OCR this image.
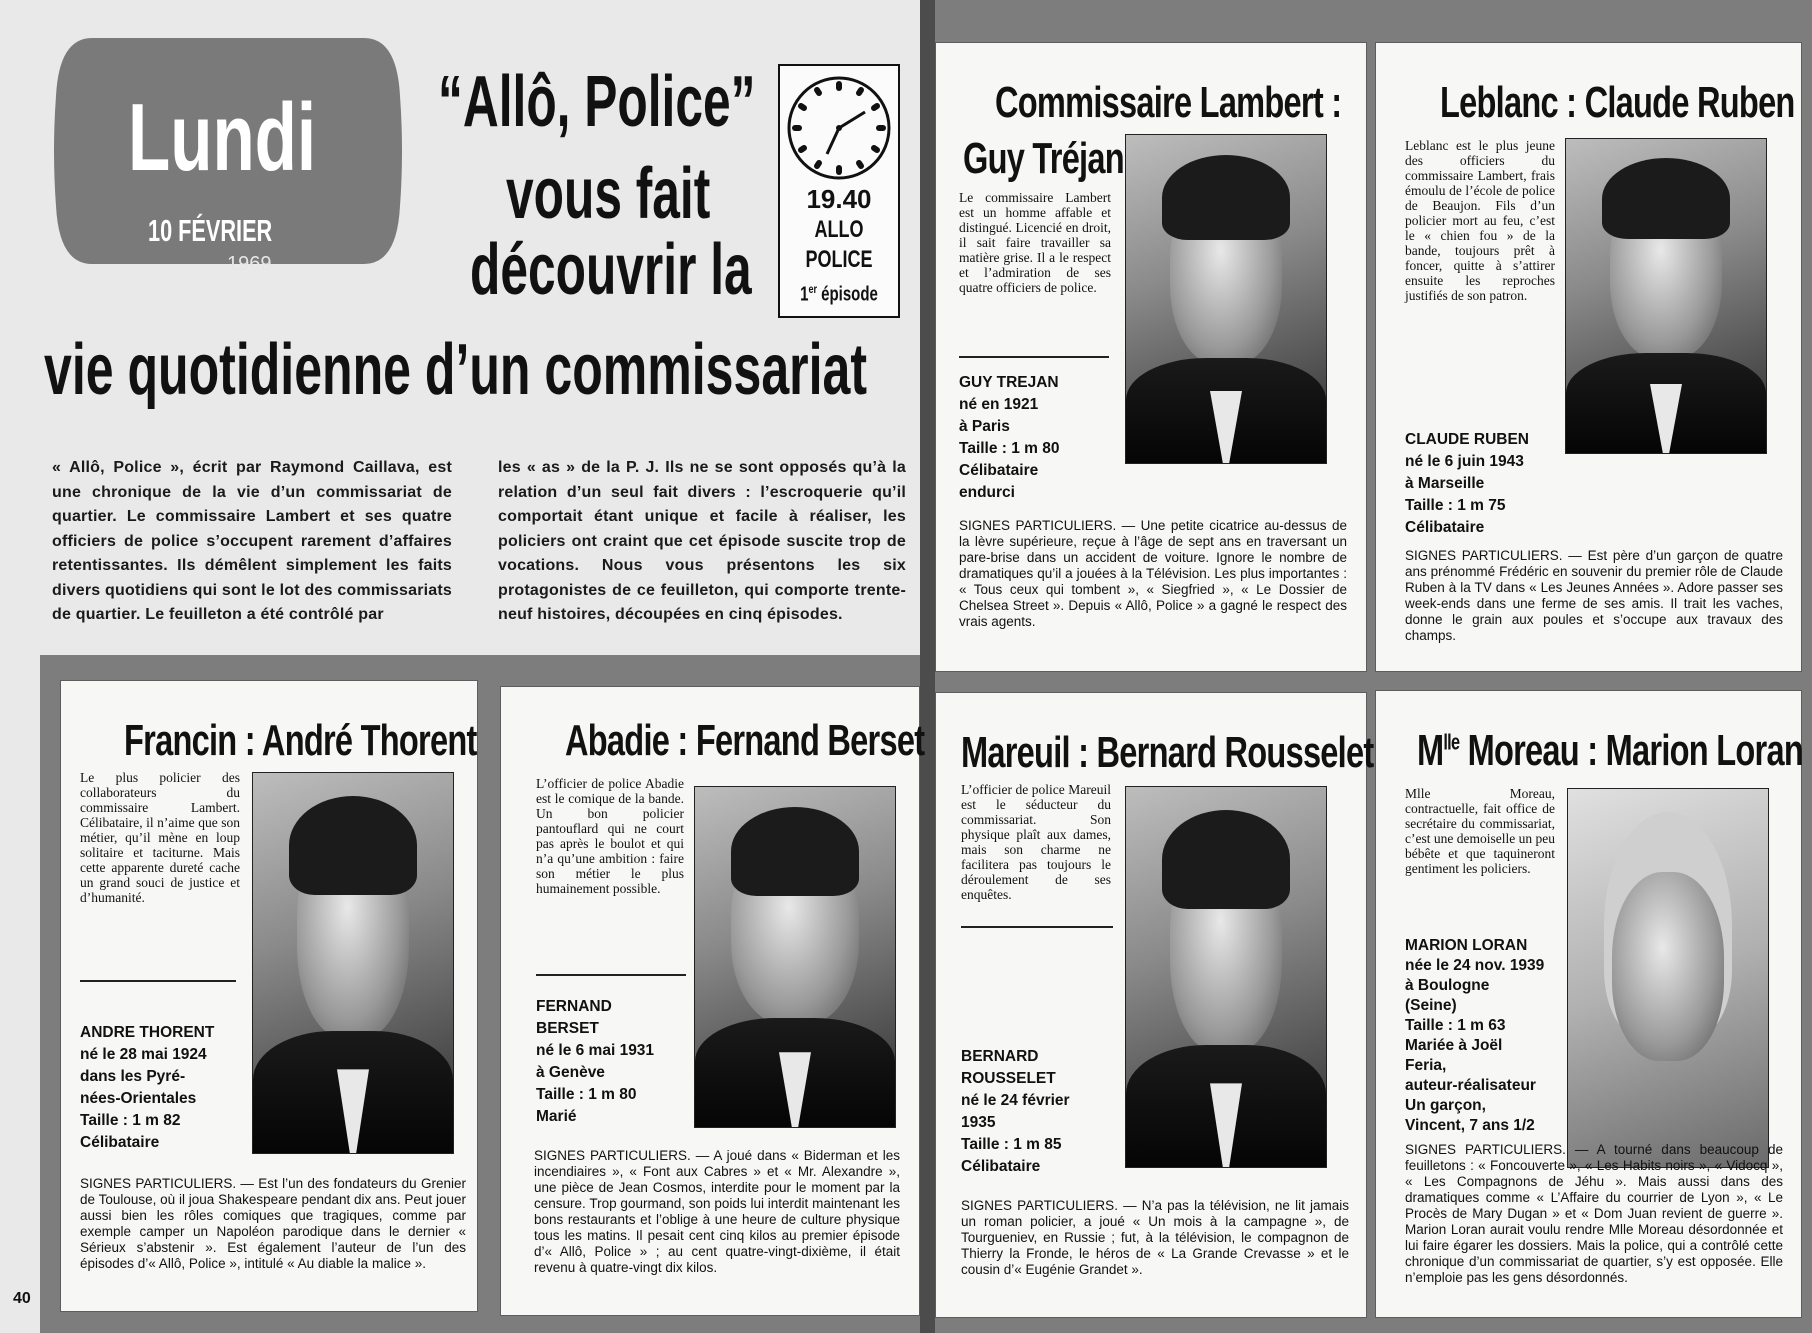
Lundi
10 FÉVRIER
1969
“Allô, Police”
vous fait
découvrir la
vie quotidienne d’un commissariat
19.40
ALLO
POLICE
1er épisode
« Allô, Police », écrit par Raymond Caillava, est une chronique de la vie d’un commissariat de quartier. Le commissaire Lambert et ses quatre officiers de police s’occupent rarement d’affaires retentissantes. Ils démêlent simplement les faits divers quotidiens qui sont le lot des commissariats de quartier. Le feuilleton a été contrôlé par
les « as » de la P. J. Ils ne se sont opposés qu’à la relation d’un seul fait divers : l’escroquerie qu’il comportait étant unique et facile à réaliser, les policiers ont craint que cet épisode suscite trop de vocations. Nous vous présentons les six protagonistes de ce feuilleton, qui comporte trente-neuf histoires, découpées en cinq épisodes.
40
Commissaire Lambert :
Guy Tréjan
Le commissaire Lambert est un homme affable et distingué. Licencié en droit, il sait faire travailler sa matière grise. Il a le respect et l’admiration de ses quatre officiers de police.
GUY TREJAN
né en 1921
à Paris
Taille : 1 m 80
Célibataire
endurci
SIGNES PARTICULIERS. — Une petite cicatrice au-dessus de la lèvre supérieure, reçue à l’âge de sept ans en traversant un pare-brise dans un accident de voiture. Ignore le nombre de dramatiques qu’il a jouées à la Télévision. Les plus importantes : « Tous ceux qui tombent », « Siegfried », « Le Dossier de Chelsea Street ». Depuis « Allô, Police » a gagné le respect des vrais agents.
Leblanc : Claude Ruben
Leblanc est le plus jeune des officiers du commissaire Lambert, frais émoulu de l’école de police de Beaujon. Fils d’un policier mort au feu, c’est le « chien fou » de la bande, toujours prêt à foncer, quitte à s’attirer ensuite les reproches justifiés de son patron.
CLAUDE RUBEN
né le 6 juin 1943
à Marseille
Taille : 1 m 75
Célibataire
SIGNES PARTICULIERS. — Est père d’un garçon de quatre ans prénommé Frédéric en souvenir du premier rôle de Claude Ruben à la TV dans « Les Jeunes Années ». Adore passer ses week-ends dans une ferme de ses amis. Il trait les vaches, donne le grain aux poules et s’occupe aux travaux des champs.
Francin : André Thorent
Le plus policier des collaborateurs du commissaire Lambert. Célibataire, il n’aime que son métier, qu’il mène en loup solitaire et taciturne. Mais cette apparente dureté cache un grand souci de justice et d’humanité.
ANDRE THORENT
né le 28 mai 1924
dans les Pyré-
nées-Orientales
Taille : 1 m 82
Célibataire
SIGNES PARTICULIERS. — Est l’un des fondateurs du Grenier de Toulouse, où il joua Shakespeare pendant dix ans. Peut jouer aussi bien les rôles comiques que tragiques, comme par exemple camper un Napoléon parodique dans le dernier « Sérieux s’abstenir ». Est également l’auteur de l’un des épisodes d’« Allô, Police », intitulé « Au diable la malice ».
Abadie : Fernand Berset
L’officier de police Abadie est le comique de la bande. Un bon policier pantouflard qui ne court pas après le boulot et qui n’a qu’une ambition : faire son métier le plus humainement possible.
FERNAND
BERSET
né le 6 mai 1931
à Genève
Taille : 1 m 80
Marié
SIGNES PARTICULIERS. — A joué dans « Biderman et les incendiaires », « Font aux Cabres » et « Mr. Alexandre », une pièce de Jean Cosmos, interdite pour le moment par la censure. Trop gourmand, son poids lui interdit maintenant les bons restaurants et l’oblige à une heure de culture physique tous les matins. Il pesait cent cinq kilos au premier épisode d’« Allô, Police » ; au cent quatre-vingt-dixième, il était revenu à quatre-vingt dix kilos.
Mareuil : Bernard Rousselet
L’officier de police Mareuil est le séducteur du commissariat. Son physique plaît aux dames, mais son charme ne facilitera pas toujours le déroulement de ses enquêtes.
BERNARD
ROUSSELET
né le 24 février
1935
Taille : 1 m 85
Célibataire
SIGNES PARTICULIERS. — N’a pas la télévision, ne lit jamais un roman policier, a joué « Un mois à la campagne », de Tourgueniev, en Russie ; fut, à la télévision, le compagnon de Thierry la Fronde, le héros de « La Grande Crevasse » et le cousin d’« Eugénie Grandet ».
$M^{lle}$ Moreau : Marion Loran
Mlle Moreau, contractuelle, fait office de secrétaire du commissariat, c’est une demoiselle un peu bébête et que taquineront gentiment les policiers.
MARION LORAN
née le 24 nov. 1939
à Boulogne
(Seine)
Taille : 1 m 63
Mariée à Joël
Feria,
auteur-réalisateur
Un garçon,
Vincent, 7 ans 1/2
SIGNES PARTICULIERS. — A tourné dans beaucoup de feuilletons : « Foncouverte », « Les Habits noirs », « Vidocq », « Les Compagnons de Jéhu ». Mais aussi dans des dramatiques comme « L’Affaire du courrier de Lyon », « Le Procès de Mary Dugan » et « Dom Juan revient de guerre ». Marion Loran aurait voulu rendre Mlle Moreau désordonnée et lui faire égarer les dossiers. Mais la police, qui a contrôlé cette chronique d’un commissariat de quartier, s’y est opposée. Elle n’emploie pas les gens désordonnés.
